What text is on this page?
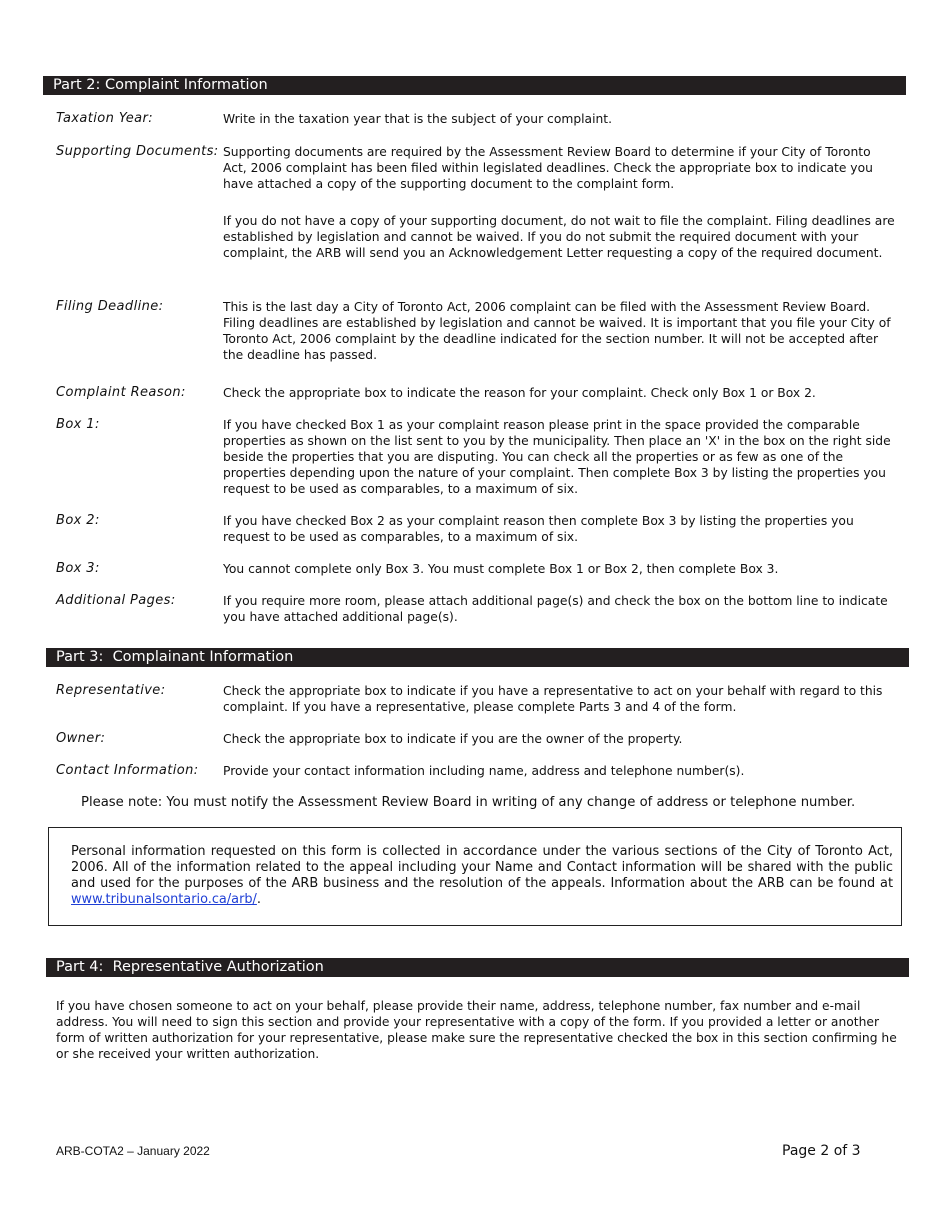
Part 2: Complaint Information
Taxation Year:	Write in the taxation year that is the subject of your complaint.
Supporting Documents: Supporting documents are required by the Assessment Review Board to determine if your City of Toronto Act, 2006 complaint has been filed within legislated deadlines. Check the appropriate box to indicate you have attached a copy of the supporting document to the complaint form.
If you do not have a copy of your supporting document, do not wait to file the complaint. Filing deadlines are established by legislation and cannot be waived. If you do not submit the required document with your complaint, the ARB will send you an Acknowledgement Letter requesting a copy of the required document.
Filing Deadline:	This is the last day a City of Toronto Act, 2006 complaint can be filed with the Assessment Review Board. Filing deadlines are established by legislation and cannot be waived. It is important that you file your City of Toronto Act, 2006 complaint by the deadline indicated for the section number. It will not be accepted after the deadline has passed.
Complaint Reason:	Check the appropriate box to indicate the reason for your complaint. Check only Box 1 or Box 2.
Box 1:	If you have checked Box 1 as your complaint reason please print in the space provided the comparable properties as shown on the list sent to you by the municipality. Then place an 'X' in the box on the right side beside the properties that you are disputing. You can check all the properties or as few as one of the properties depending upon the nature of your complaint. Then complete Box 3 by listing the properties you request to be used as comparables, to a maximum of six.
Box 2:	If you have checked Box 2 as your complaint reason then complete Box 3 by listing the properties you request to be used as comparables, to a maximum of six.
Box 3:	You cannot complete only Box 3. You must complete Box 1 or Box 2, then complete Box 3.
Additional Pages:	If you require more room, please attach additional page(s) and check the box on the bottom line to indicate you have attached additional page(s).
Part 3:  Complainant Information
Representative:	Check the appropriate box to indicate if you have a representative to act on your behalf with regard to this complaint. If you have a representative, please complete Parts 3 and 4 of the form.
Owner:	Check the appropriate box to indicate if you are the owner of the property.
Contact Information: Provide your contact information including name, address and telephone number(s).
Please note: You must notify the Assessment Review Board in writing of any change of address or telephone number.
Personal information requested on this form is collected in accordance under the various sections of the City of Toronto Act, 2006. All of the information related to the appeal including your Name and Contact information will be shared with the public and used for the purposes of the ARB business and the resolution of the appeals. Information about the ARB can be found at www.tribunalsontario.ca/arb/.
Part 4:  Representative Authorization
If you have chosen someone to act on your behalf, please provide their name, address, telephone number, fax number and e-mail address. You will need to sign this section and provide your representative with a copy of the form. If you provided a letter or another form of written authorization for your representative, please make sure the representative checked the box in this section confirming he or she received your written authorization.
ARB-COTA2 – January 2022	Page 2 of 3
